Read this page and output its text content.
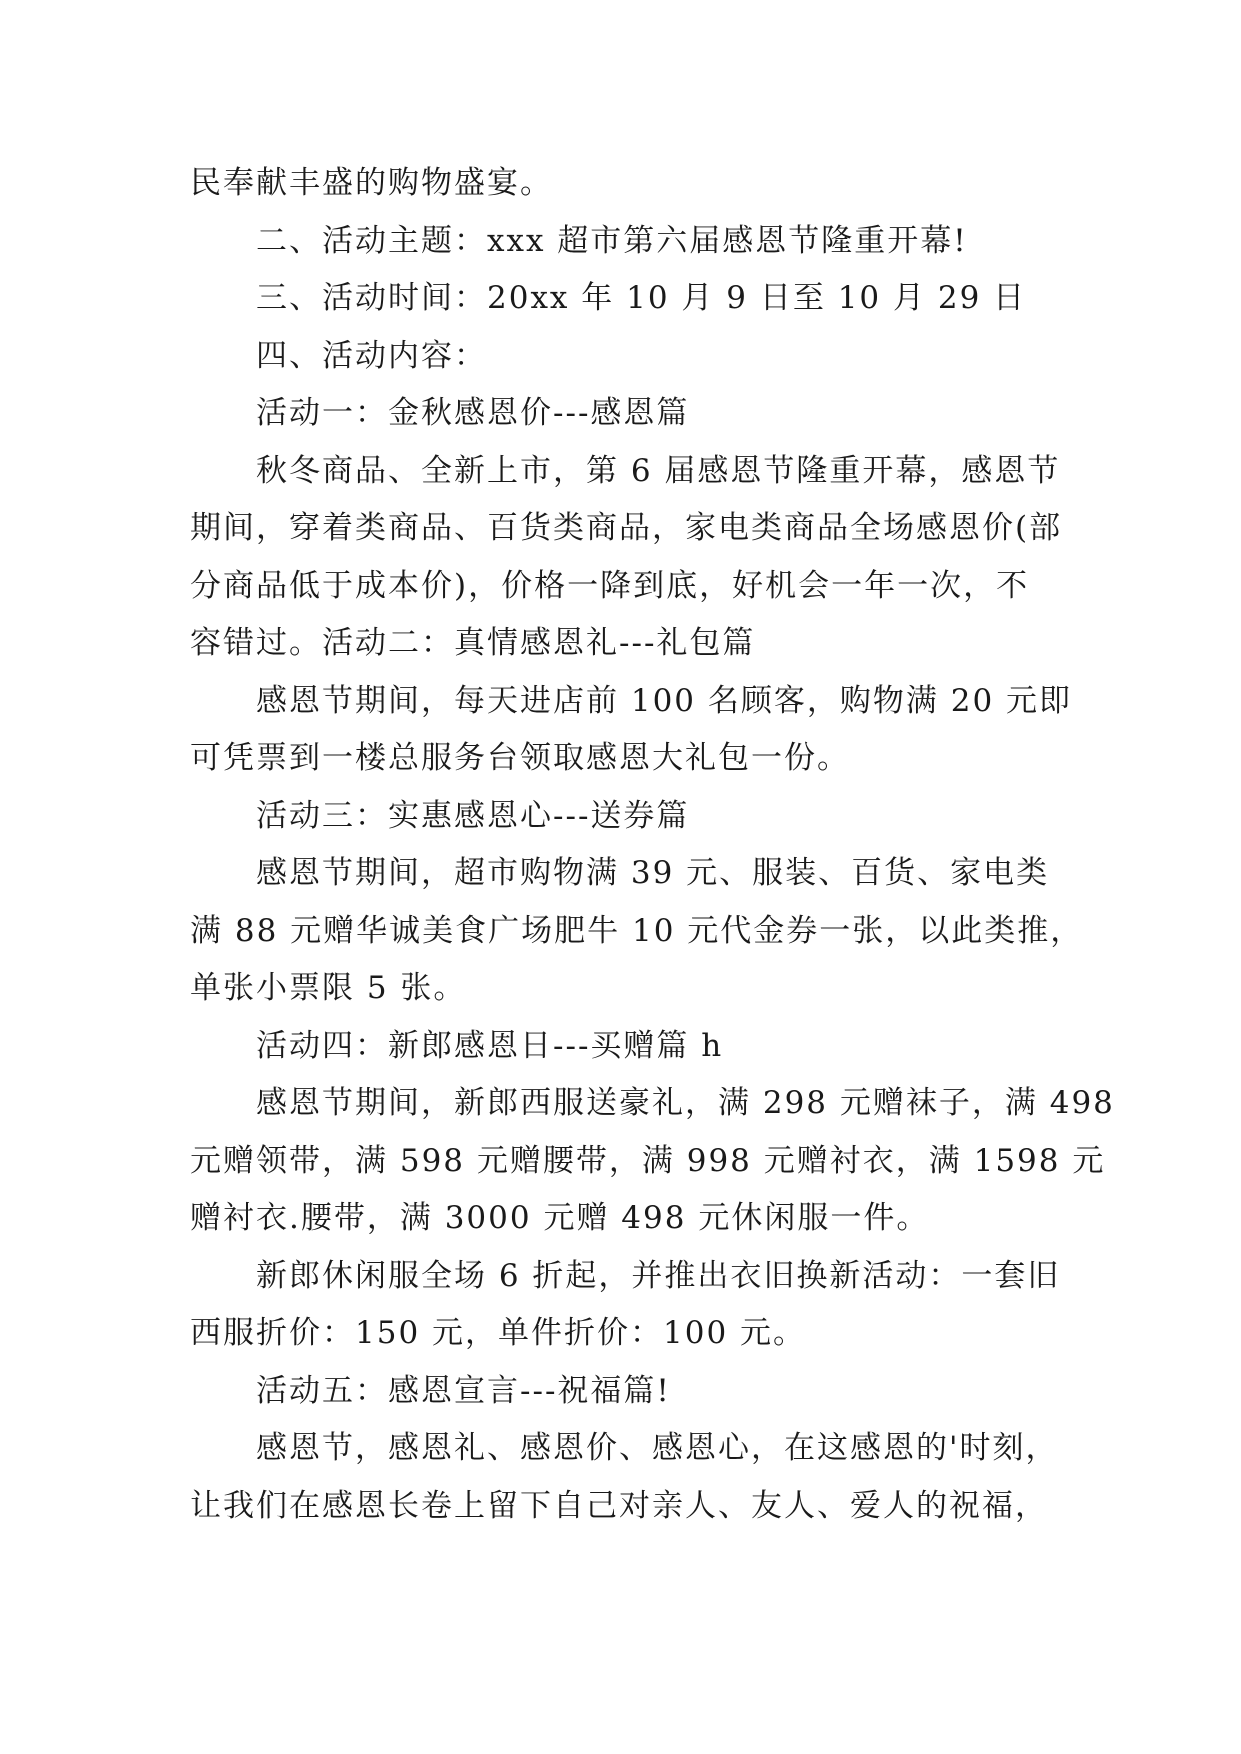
民奉献丰盛的购物盛宴。
二、活动主题：xxx 超市第六届感恩节隆重开幕!
三、活动时间：20xx 年 10 月 9 日至 10 月 29 日
四、活动内容：
活动一：金秋感恩价---感恩篇
秋冬商品、全新上市，第 6 届感恩节隆重开幕，感恩节
期间，穿着类商品、百货类商品，家电类商品全场感恩价(部
分商品低于成本价)，价格一降到底，好机会一年一次，不
容错过。活动二：真情感恩礼---礼包篇
感恩节期间，每天进店前 100 名顾客，购物满 20 元即
可凭票到一楼总服务台领取感恩大礼包一份。
活动三：实惠感恩心---送券篇
感恩节期间，超市购物满 39 元、服装、百货、家电类
满 88 元赠华诚美食广场肥牛 10 元代金券一张，以此类推，
单张小票限 5 张。
活动四：新郎感恩日---买赠篇 h
感恩节期间，新郎西服送豪礼，满 298 元赠袜子，满 498
元赠领带，满 598 元赠腰带，满 998 元赠衬衣，满 1598 元
赠衬衣.腰带，满 3000 元赠 498 元休闲服一件。
新郎休闲服全场 6 折起，并推出衣旧换新活动：一套旧
西服折价：150 元，单件折价：100 元。
活动五：感恩宣言---祝福篇!
感恩节，感恩礼、感恩价、感恩心，在这感恩的'时刻，
让我们在感恩长卷上留下自己对亲人、友人、爱人的祝福，
